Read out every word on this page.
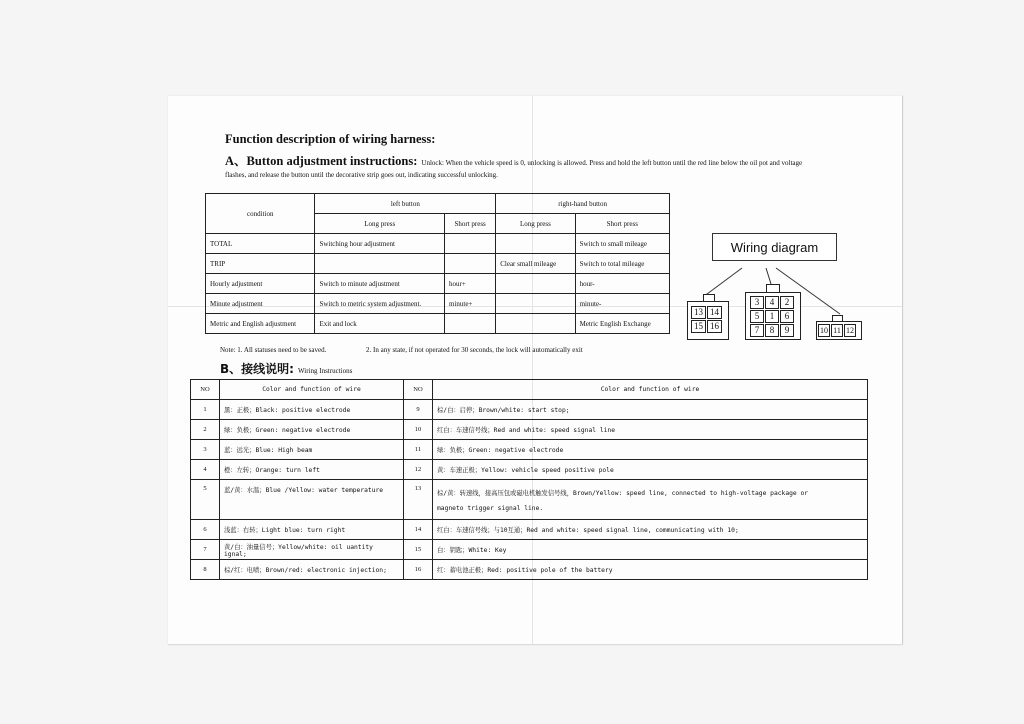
Function description of wiring harness:
A、Button adjustment instructions: Unlock: When the vehicle speed is 0, unlocking is allowed. Press and hold the left button until the red line below the oil pot and voltage
flashes, and release the button until the decorative strip goes out, indicating successful unlocking.
condition	left button		right-hand button	
	Long press	Short press	Long press	Short press
TOTAL	Switching hour adjustment			Switch to small mileage
TRIP			Clear small mileage	Switch to total mileage
Hourly adjustment	Switch to minute adjustment	hour+		hour-
Minute adjustment	Switch to metric system adjustment.	minute+		minute-
Metric and English adjustment	Exit and lock			Metric English Exchange
Wiring diagram
13 14
15 16
3	4	2
5	1	6
7	8	9	10 11 12
Note: 1. All statuses need to be saved.	2. In any state, if not operated for 30 seconds, the lock will automatically exit
B、接线说明: Wiring Instructions
NO	Color and function of wire	NO	Color and function of wire
1	黑：正极；Black: positive electrode	9	棕/白：启停；Brown/white: start stop;
2	绿：负极；Green: negative electrode	10	红白：车速信号线；Red and white: speed signal line
3	蓝：远光；Blue: High beam	11	绿：负极；Green: negative electrode
4	橙：左转；Orange: turn left	12	黄：车速正极；Yellow: vehicle speed positive pole
5	蓝/黄：水温；Blue /Yellow: water temperature	13	棕/黄：转速线，接高压包或磁电机触发信号线，Brown/Yellow: speed line, connected to high-voltage package or
magneto trigger signal line.

6	浅蓝：右转；Light blue: turn right	14	红白：车速信号线；与10互通；Red and white: speed signal line, communicating with 10;
7	黄/白：油量信号；Yellow/white: oil uantity ignal;	15	白：钥匙；White: Key
8	棕/红：电喷；Brown/red: electronic injection;	16	红：蓄电池正极；Red: positive pole of the battery
